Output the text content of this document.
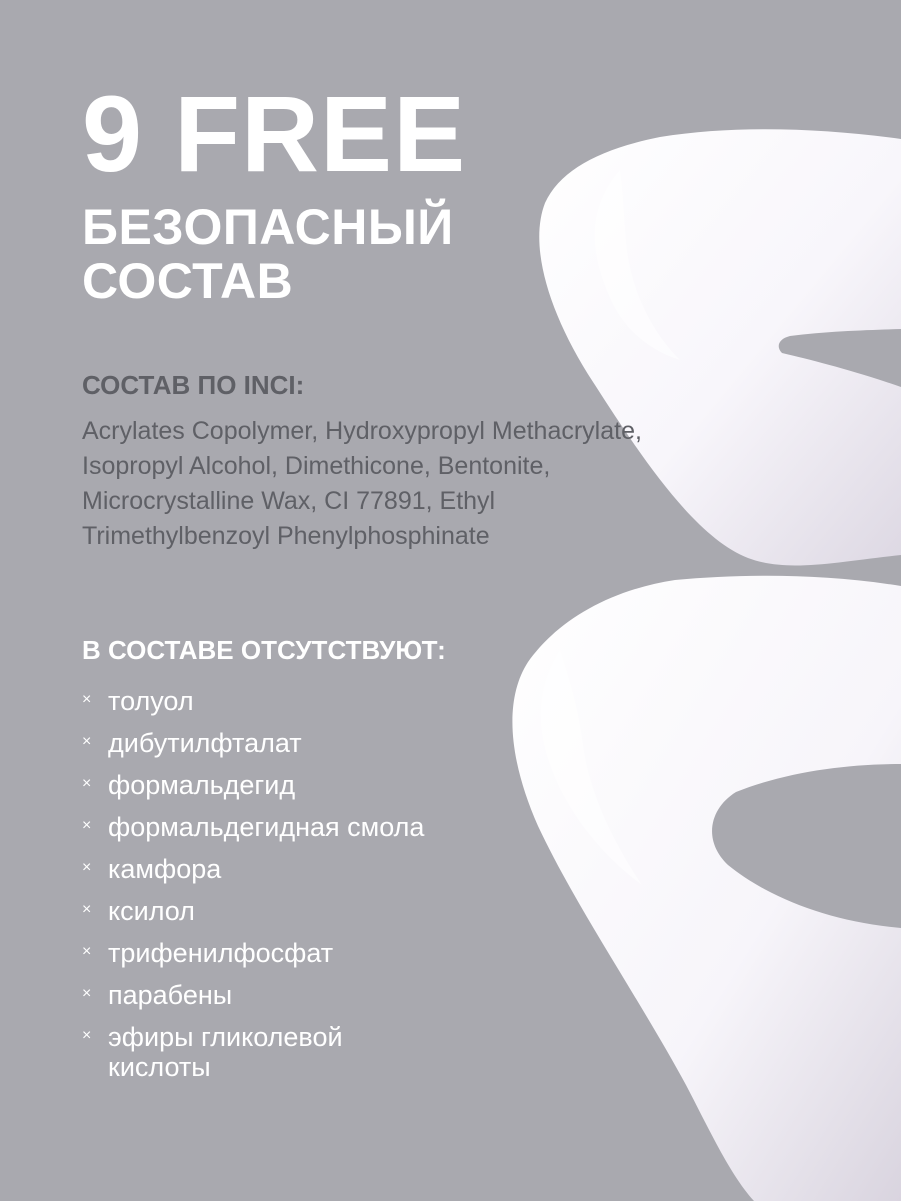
9 FREE
БЕЗОПАСНЫЙ
СОСТАВ
СОСТАВ ПО INCI:

Acrylates Copolymer, Hydroxypropyl Methacrylate, Isopropyl Alcohol, Dimethicone, Bentonite, Microcrystalline Wax, CI 77891, Ethyl Trimethylbenzoyl Phenylphosphinate

В СОСТАВЕ ОТСУТСТВУЮТ:
× толуол
× дибутилфталат
× формальдегид
× формальдегидная смола
× камфора
× ксилол
× трифенилфосфат
× парабены
× эфиры гликолевой кислоты
